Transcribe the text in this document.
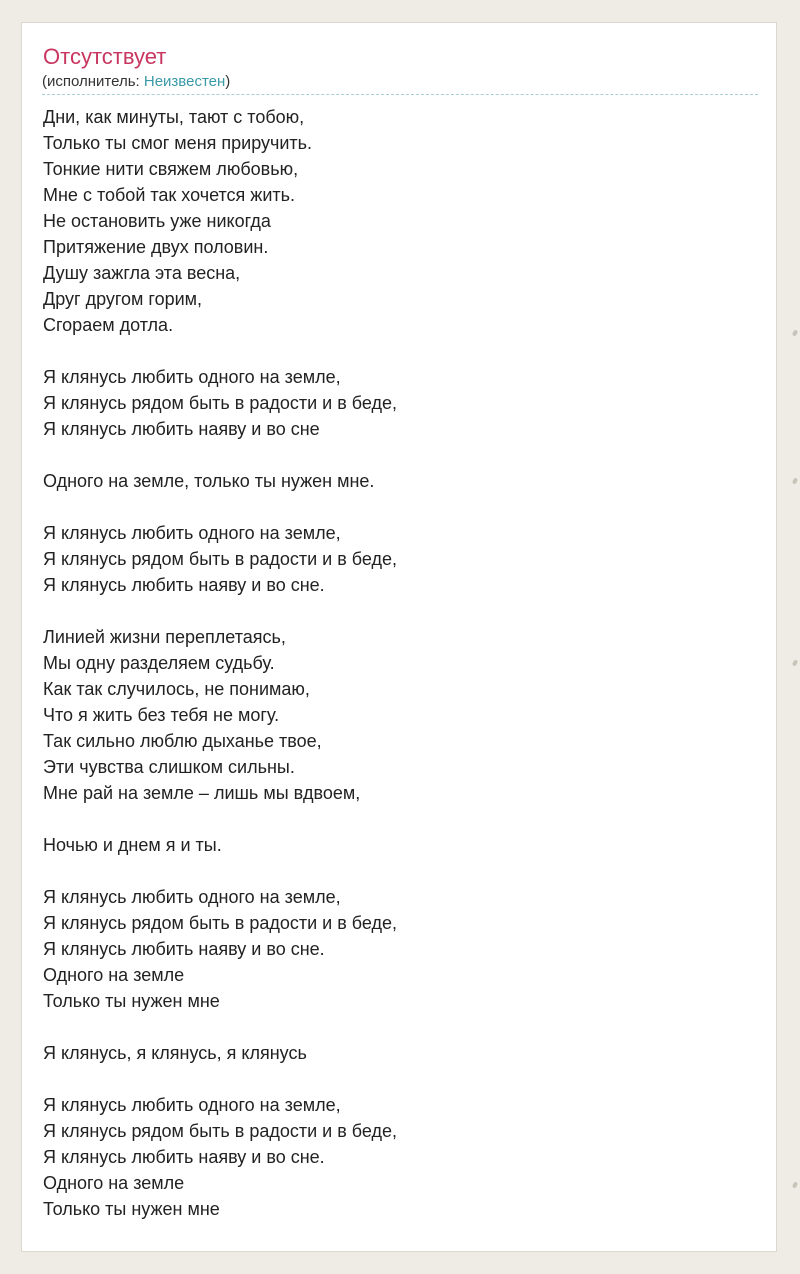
Отсутствует
(исполнитель: Неизвестен)
Дни, как минуты, тают с тобою,
Только ты смог меня приручить.
Тонкие нити свяжем любовью,
Мне с тобой так хочется жить.
Не остановить уже никогда
Притяжение двух половин.
Душу зажгла эта весна,
Друг другом горим,
Сгораем дотла.
Я клянусь любить одного на земле,
Я клянусь рядом быть в радости и в беде,
Я клянусь любить наяву и во сне
Одного на земле, только ты нужен мне.
Я клянусь любить одного на земле,
Я клянусь рядом быть в радости и в беде,
Я клянусь любить наяву и во сне.
Линией жизни переплетаясь,
Мы одну разделяем судьбу.
Как так случилось, не понимаю,
Что я жить без тебя не могу.
Так сильно люблю дыханье твое,
Эти чувства слишком сильны.
Мне рай на земле – лишь мы вдвоем,
Ночью и днем я и ты.
Я клянусь любить одного на земле,
Я клянусь рядом быть в радости и в беде,
Я клянусь любить наяву и во сне.
Одного на земле
Только ты нужен мне
Я клянусь, я клянусь, я клянусь
Я клянусь любить одного на земле,
Я клянусь рядом быть в радости и в беде,
Я клянусь любить наяву и во сне.
Одного на земле
Только ты нужен мне
